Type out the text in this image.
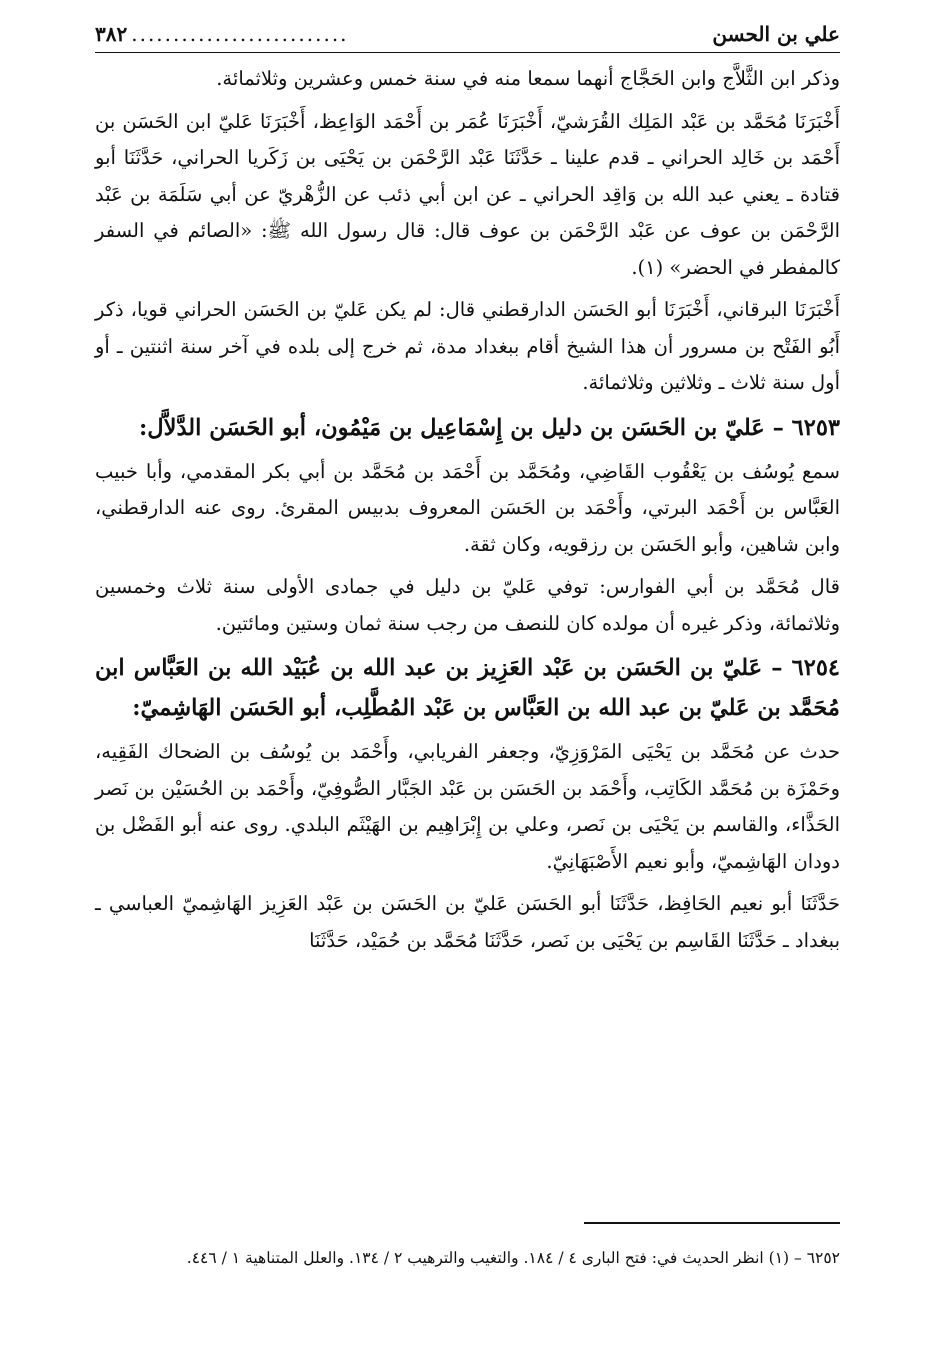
علي بن الحسن
..........................
٣٨٢

وذكر ابن الثَّلاَّج وابن الحَجَّاج أنهما سمعا منه في سنة خمس وعشرين وثلاثمائة.

أَخْبَرَنَا مُحَمَّد بن عَبْد المَلِك القُرَشيّ، أَخْبَرَنَا عُمَر بن أَحْمَد الوَاعِظ، أَخْبَرَنَا عَليّ ابن الحَسَن بن أَحْمَد بن خَالِد الحراني ـ قدم علينا ـ حَدَّثَنَا عَبْد الرَّحْمَن بن يَحْيَى بن زَكَريا الحراني، حَدَّثَنَا أبو قتادة ـ يعني عبد الله بن وَاقِد الحراني ـ عن ابن أبي ذئب عن الزُّهْريّ عن أبي سَلَمَة بن عَبْد الرَّحْمَن بن عوف عن عَبْد الرَّحْمَن بن عوف قال: قال رسول الله ﷺ: «الصائم في السفر كالمفطر في الحضر» (١).

أَخْبَرَنَا البرقاني، أَخْبَرَنَا أبو الحَسَن الدارقطني قال: لم يكن عَليّ بن الحَسَن الحراني قويا، ذكر أَبُو الفَتْح بن مسرور أن هذا الشيخ أقام ببغداد مدة، ثم خرج إلى بلده في آخر سنة اثنتين ـ أو أول سنة ثلاث ـ وثلاثين وثلاثمائة.

٦٢٥٣ – عَليّ بن الحَسَن بن دليل بن إِسْمَاعِيل بن مَيْمُون، أبو الحَسَن الدَّلاَّل:

سمع يُوسُف بن يَعْقُوب القَاضِي، ومُحَمَّد بن أَحْمَد بن مُحَمَّد بن أبي بكر المقدمي، وأبا خبيب العَبَّاس بن أَحْمَد البرتي، وأَحْمَد بن الحَسَن المعروف بدبيس المقرئ. روى عنه الدارقطني، وابن شاهين، وأبو الحَسَن بن رزقويه، وكان ثقة.

قال مُحَمَّد بن أبي الفوارس: توفي عَليّ بن دليل في جمادى الأولى سنة ثلاث وخمسين وثلاثمائة، وذكر غيره أن مولده كان للنصف من رجب سنة ثمان وستين ومائتين.

٦٢٥٤ – عَليّ بن الحَسَن بن عَبْد العَزِيز بن عبد الله بن عُبَيْد الله بن العَبَّاس ابن مُحَمَّد بن عَليّ بن عبد الله بن العَبَّاس بن عَبْد المُطَّلِب، أبو الحَسَن الهَاشِميّ:

حدث عن مُحَمَّد بن يَحْيَى المَرْوَزِيّ، وجعفر الفريابي، وأَحْمَد بن يُوسُف بن الضحاك الفَقِيه، وحَمْزَة بن مُحَمَّد الكَاتِب، وأَحْمَد بن الحَسَن بن عَبْد الجَبَّار الصُّوفِيّ، وأَحْمَد بن الحُسَيْن بن نَصر الحَذَّاء، والقاسم بن يَحْيَى بن نَصر، وعلي بن إِبْرَاهِيم بن الهَيْثَم البلدي. روى عنه أبو الفَضْل بن دودان الهَاشِميّ، وأبو نعيم الأَصْبَهَانِيّ.

حَدَّثَنَا أبو نعيم الحَافِظ، حَدَّثَنَا أبو الحَسَن عَليّ بن الحَسَن بن عَبْد العَزِيز الهَاشِميّ العباسي ـ ببغداد ـ حَدَّثَنَا القَاسِم بن يَحْيَى بن نَصر، حَدَّثَنَا مُحَمَّد بن حُمَيْد، حَدَّثَنَا

٦٢٥٢ – (١) انظر الحديث في: فتح البارى ٤ / ١٨٤. والتغيب والترهيب ٢ / ١٣٤. والعلل المتناهية ١ / ٤٤٦.
